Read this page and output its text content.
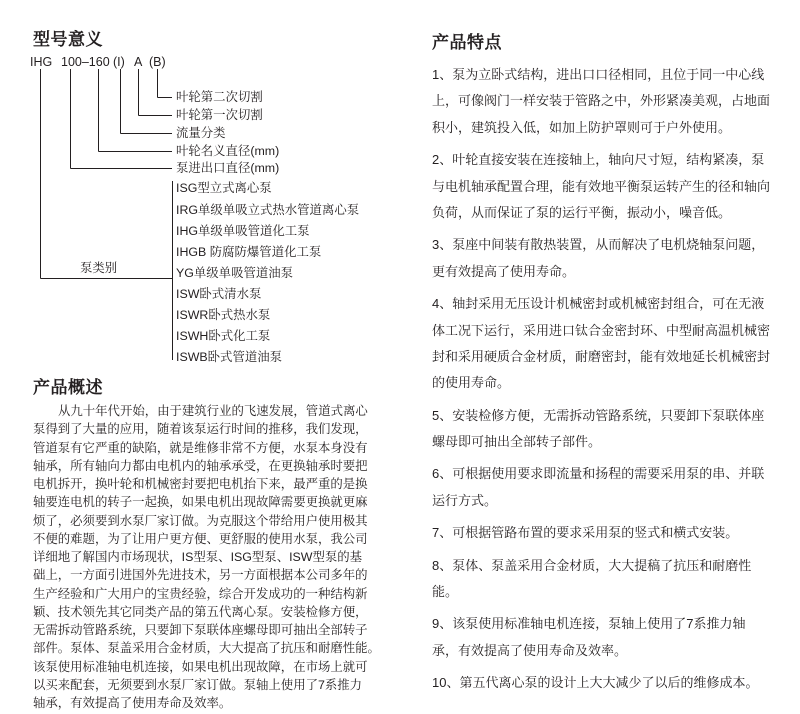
型号意义
IHG 100–160 (I) A (B)
叶轮第二次切割
叶轮第一次切割
流量分类
叶轮名义直径(mm)
泵进出口直径(mm)
ISG型立式离心泵
IRG单级单吸立式热水管道离心泵
IHG单级单吸管道化工泵
IHGB 防腐防爆管道化工泵
YG单级单吸管道油泵
ISW卧式清水泵
ISWR卧式热水泵
ISWH卧式化工泵
ISWB卧式管道油泵
泵类别
产品概述
从九十年代开始，由于建筑行业的飞速发展，管道式离心
泵得到了大量的应用，随着该泵运行时间的推移，我们发现，
管道泵有它严重的缺陷，就是维修非常不方便，水泵本身没有
轴承，所有轴向力都由电机内的轴承承受，在更换轴承时要把
电机拆开，换叶轮和机械密封要把电机抬下来，最严重的是换
轴要连电机的转子一起换，如果电机出现故障需要更换就更麻
烦了，必须要到水泵厂家订做。为克服这个带给用户使用极其
不便的难题，为了让用户更方便、更舒服的使用水泵，我公司
详细地了解国内市场现状，IS型泵、ISG型泵、ISW型泵的基
础上，一方面引进国外先进技术，另一方面根据本公司多年的
生产经验和广大用户的宝贵经验，综合开发成功的一种结构新
颖、技术领先其它同类产品的第五代离心泵。安装检修方便，
无需拆动管路系统，只要卸下泵联体座螺母即可抽出全部转子
部件。泵体、泵盖采用合金材质，大大提高了抗压和耐磨性能。
该泵使用标准轴电机连接，如果电机出现故障，在市场上就可
以买来配套，无须要到水泵厂家订做。泵轴上使用了7系推力
轴承，有效提高了使用寿命及效率。
产品特点
1、泵为立卧式结构，进出口口径相同，且位于同一中心线
上，可像阀门一样安装于管路之中，外形紧凑美观，占地面
积小，建筑投入低，如加上防护罩则可于户外使用。
2、叶轮直接安装在连接轴上，轴向尺寸短，结构紧凑，泵
与电机轴承配置合理，能有效地平衡泵运转产生的径和轴向
负荷，从而保证了泵的运行平衡，振动小，噪音低。
3、泵座中间装有散热装置，从而解决了电机烧轴泵问题，
更有效提高了使用寿命。
4、轴封采用无压设计机械密封或机械密封组合，可在无液
体工况下运行，采用进口钛合金密封环、中型耐高温机械密
封和采用硬质合金材质，耐磨密封，能有效地延长机械密封
的使用寿命。
5、安装检修方便，无需拆动管路系统，只要卸下泵联体座
螺母即可抽出全部转子部件。
6、可根据使用要求即流量和扬程的需要采用泵的串、并联
运行方式。
7、可根据管路布置的要求采用泵的竖式和横式安装。
8、泵体、泵盖采用合金材质，大大提稿了抗压和耐磨性
能。
9、该泵使用标准轴电机连接，泵轴上使用了7系推力轴
承，有效提高了使用寿命及效率。
10、第五代离心泵的设计上大大减少了以后的维修成本。
